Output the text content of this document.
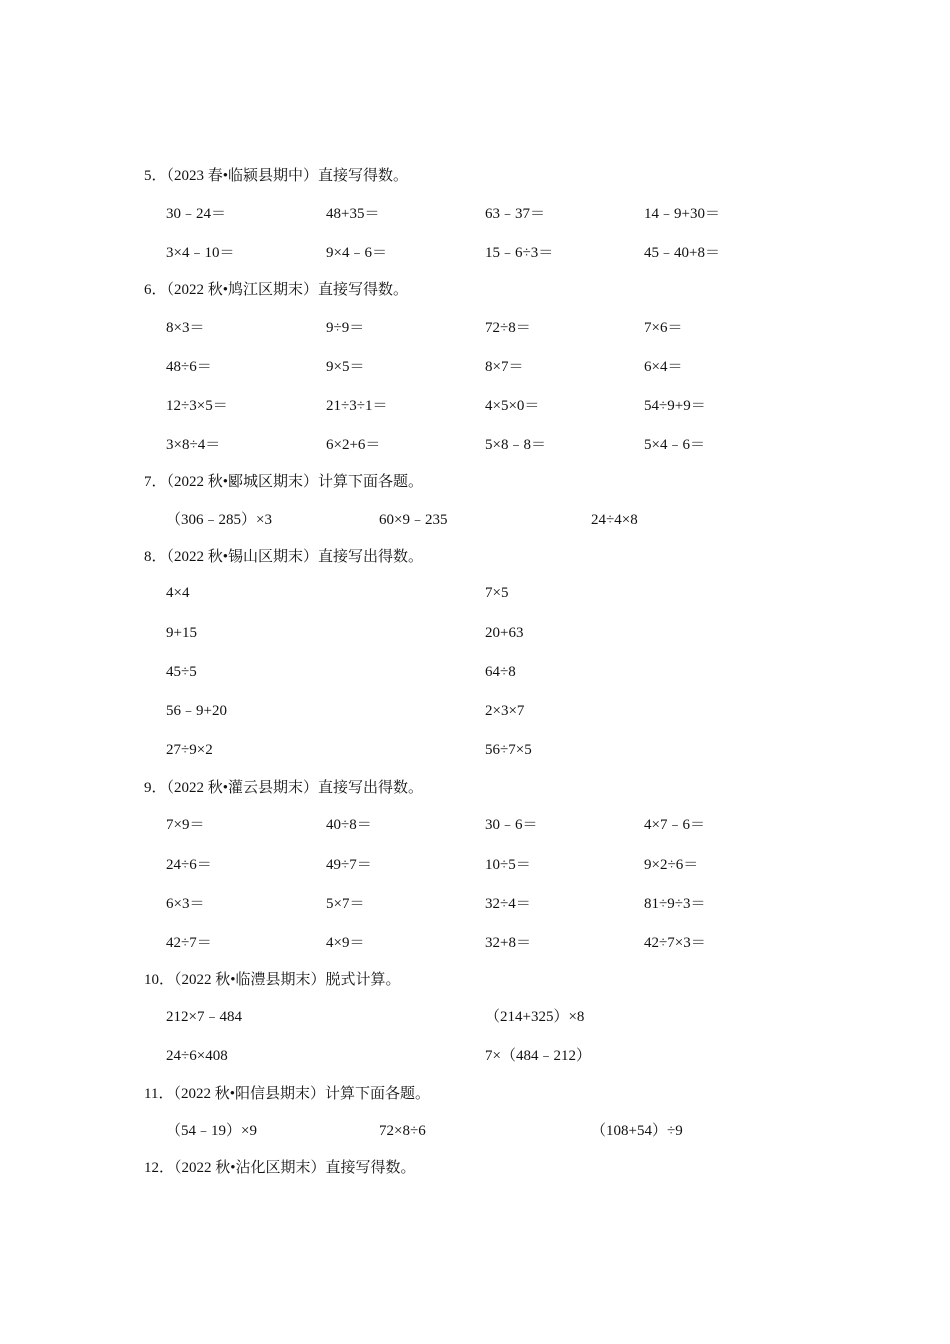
5．（2023 春•临颍县期中）直接写得数。
30﹣24＝	48+35＝	63﹣37＝	14﹣9+30＝
3×4﹣10＝	9×4﹣6＝	15﹣6÷3＝	45﹣40+8＝
6．（2022 秋•鸠江区期末）直接写得数。
8×3＝	9÷9＝	72÷8＝	7×6＝
48÷6＝	9×5＝	8×7＝	6×4＝
12÷3×5＝	21÷3÷1＝	4×5×0＝	54÷9+9＝
3×8÷4＝	6×2+6＝	5×8﹣8＝	5×4﹣6＝
7．（2022 秋•郾城区期末）计算下面各题。
（306﹣285）×3	60×9﹣235	24÷4×8
8．（2022 秋•锡山区期末）直接写出得数。
4×4	7×5
9+15	20+63
45÷5	64÷8
56﹣9+20	2×3×7
27÷9×2	56÷7×5
9．（2022 秋•灌云县期末）直接写出得数。
7×9＝	40÷8＝	30﹣6＝	4×7﹣6＝
24÷6＝	49÷7＝	10÷5＝	9×2÷6＝
6×3＝	5×7＝	32÷4＝	81÷9÷3＝
42÷7＝	4×9＝	32+8＝	42÷7×3＝
10．（2022 秋•临澧县期末）脱式计算。
212×7﹣484	（214+325）×8
24÷6×408	7×（484﹣212）
11．（2022 秋•阳信县期末）计算下面各题。
（54﹣19）×9	72×8÷6	（108+54）÷9
12．（2022 秋•沾化区期末）直接写得数。
